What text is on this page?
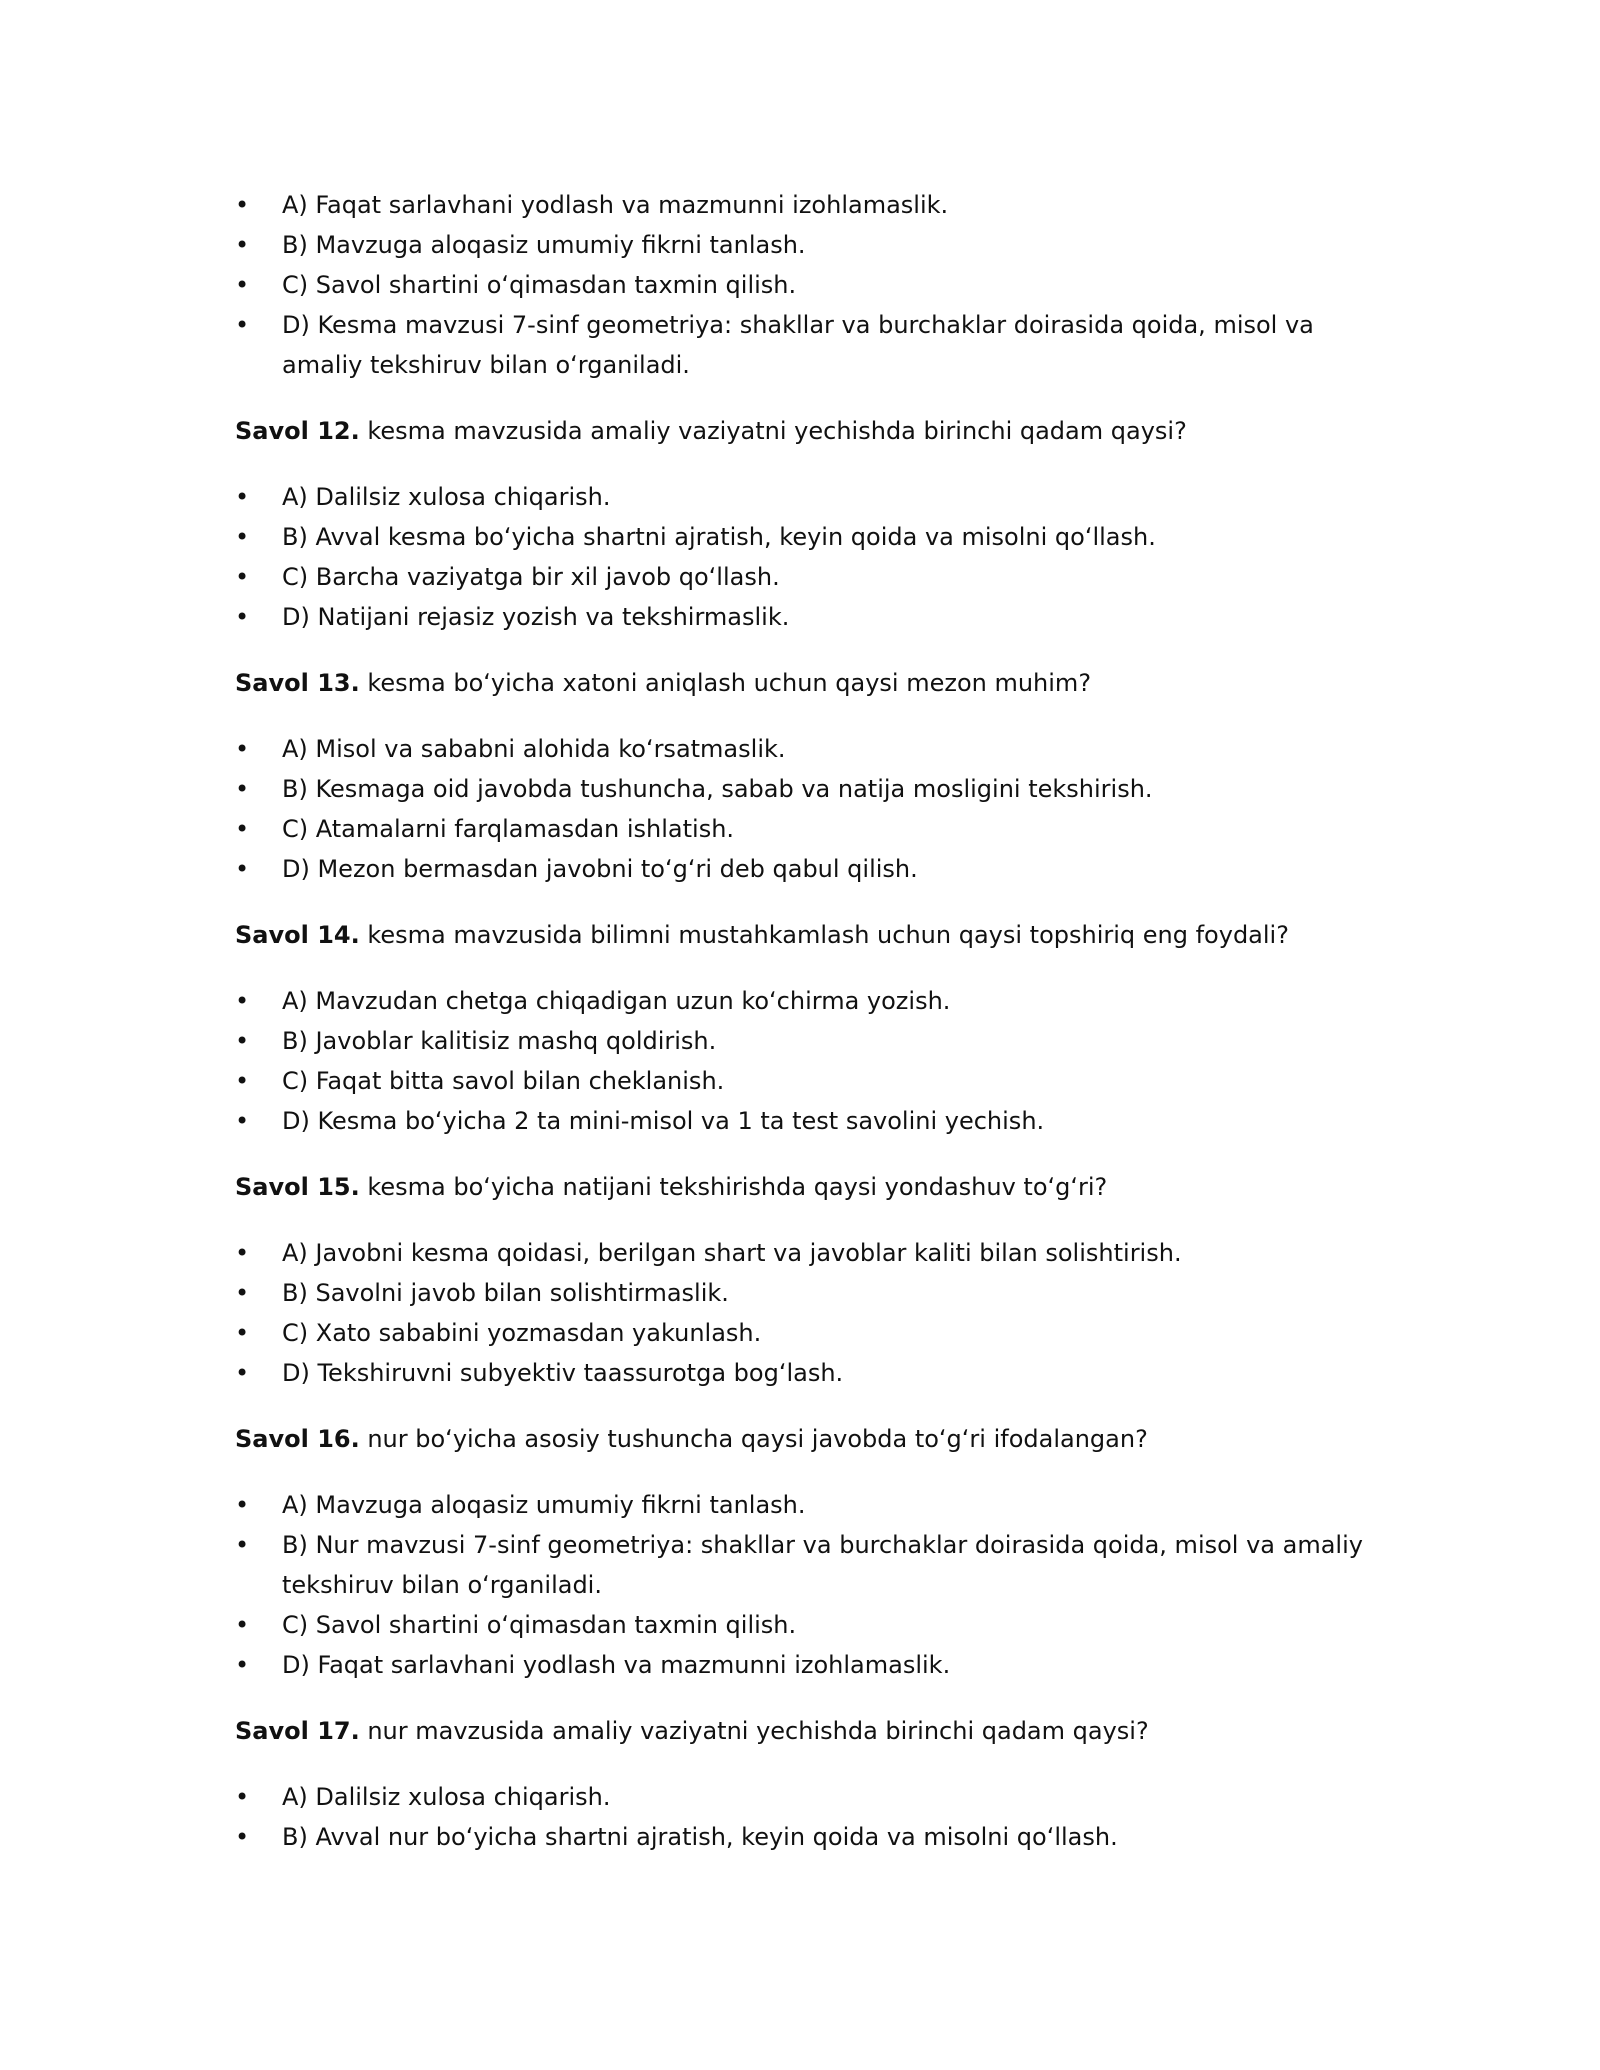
• A) Faqat sarlavhani yodlash va mazmunni izohlamaslik.
• B) Mavzuga aloqasiz umumiy fikrni tanlash.
• C) Savol shartini oʻqimasdan taxmin qilish.
• D) Kesma mavzusi 7-sinf geometriya: shakllar va burchaklar doirasida qoida, misol va amaliy tekshiruv bilan oʻrganiladi.

Savol 12. kesma mavzusida amaliy vaziyatni yechishda birinchi qadam qaysi?

• A) Dalilsiz xulosa chiqarish.
• B) Avval kesma boʻyicha shartni ajratish, keyin qoida va misolni qoʻllash.
• C) Barcha vaziyatga bir xil javob qoʻllash.
• D) Natijani rejasiz yozish va tekshirmaslik.

Savol 13. kesma boʻyicha xatoni aniqlash uchun qaysi mezon muhim?

• A) Misol va sababni alohida koʻrsatmaslik.
• B) Kesmaga oid javobda tushuncha, sabab va natija mosligini tekshirish.
• C) Atamalarni farqlamasdan ishlatish.
• D) Mezon bermasdan javobni toʻgʻri deb qabul qilish.

Savol 14. kesma mavzusida bilimni mustahkamlash uchun qaysi topshiriq eng foydali?

• A) Mavzudan chetga chiqadigan uzun koʻchirma yozish.
• B) Javoblar kalitisiz mashq qoldirish.
• C) Faqat bitta savol bilan cheklanish.
• D) Kesma boʻyicha 2 ta mini-misol va 1 ta test savolini yechish.

Savol 15. kesma boʻyicha natijani tekshirishda qaysi yondashuv toʻgʻri?

• A) Javobni kesma qoidasi, berilgan shart va javoblar kaliti bilan solishtirish.
• B) Savolni javob bilan solishtirmaslik.
• C) Xato sababini yozmasdan yakunlash.
• D) Tekshiruvni subyektiv taassurotga bogʻlash.

Savol 16. nur boʻyicha asosiy tushuncha qaysi javobda toʻgʻri ifodalangan?

• A) Mavzuga aloqasiz umumiy fikrni tanlash.
• B) Nur mavzusi 7-sinf geometriya: shakllar va burchaklar doirasida qoida, misol va amaliy tekshiruv bilan oʻrganiladi.
• C) Savol shartini oʻqimasdan taxmin qilish.
• D) Faqat sarlavhani yodlash va mazmunni izohlamaslik.

Savol 17. nur mavzusida amaliy vaziyatni yechishda birinchi qadam qaysi?

• A) Dalilsiz xulosa chiqarish.
• B) Avval nur boʻyicha shartni ajratish, keyin qoida va misolni qoʻllash.
